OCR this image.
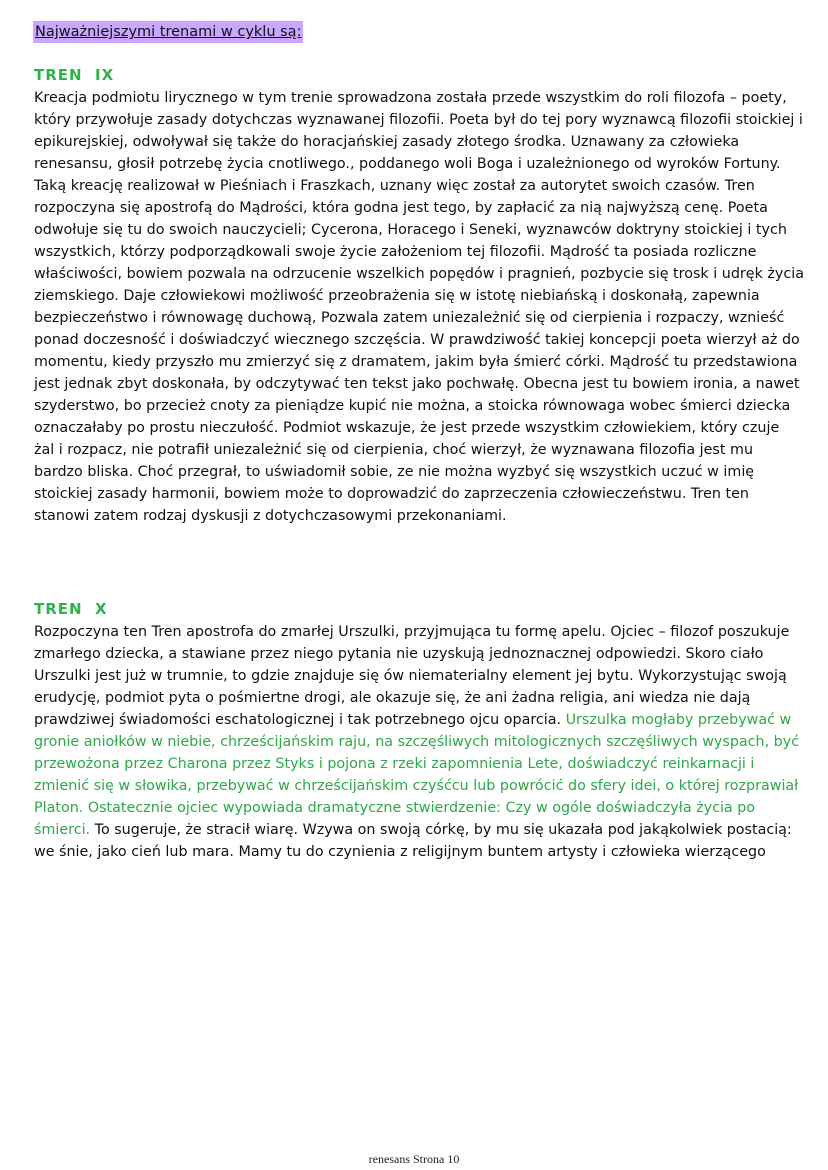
Najważniejszymi trenami w cyklu są:
TREN  IX
Kreacja podmiotu lirycznego w tym trenie sprowadzona została przede wszystkim do roli filozofa – poety, który przywołuje zasady dotychczas wyznawanej filozofii. Poeta był do tej pory wyznawcą filozofii stoickiej i epikurejskiej, odwoływał się także do horacjańskiej zasady złotego środka. Uznawany za człowieka renesansu, głosił potrzebę życia cnotliwego., poddanego woli Boga i uzależnionego od wyroków Fortuny. Taką kreację realizował w Pieśniach i Fraszkach, uznany więc został za autorytet swoich czasów. Tren rozpoczyna się apostrofą do Mądrości, która godna jest tego, by zapłacić za nią najwyższą cenę. Poeta odwołuje się tu do swoich nauczycieli; Cycerona, Horacego i Seneki, wyznawców doktryny stoickiej i tych wszystkich, którzy podporządkowali swoje życie założeniom tej filozofii. Mądrość ta posiada rozliczne właściwości, bowiem pozwala na odrzucenie wszelkich popędów i pragnień, pozbycie się trosk i udręk życia ziemskiego. Daje człowiekowi możliwość przeobrażenia się w istotę niebiańską i doskonałą, zapewnia bezpieczeństwo i równowagę duchową, Pozwala zatem uniezależnić się od cierpienia i rozpaczy, wznieść ponad doczesność i doświadczyć wiecznego szczęścia. W prawdziwość takiej koncepcji poeta wierzył aż do momentu, kiedy przyszło mu zmierzyć się z dramatem, jakim była śmierć córki. Mądrość tu przedstawiona jest jednak zbyt doskonała, by odczytywać ten tekst jako pochwałę. Obecna jest tu bowiem ironia, a nawet szyderstwo, bo przecież cnoty za pieniądze kupić nie można, a stoicka równowaga wobec śmierci dziecka oznaczałaby po prostu nieczułość. Podmiot wskazuje, że jest przede wszystkim człowiekiem, który czuje żal i rozpacz, nie potrafił uniezależnić się od cierpienia, choć wierzył, że wyznawana filozofia jest mu bardzo bliska. Choć przegrał, to uświadomił sobie, ze nie można wyzbyć się wszystkich uczuć w imię stoickiej zasady harmonii, bowiem może to doprowadzić do zaprzeczenia człowieczeństwu. Tren ten stanowi zatem rodzaj dyskusji z dotychczasowymi przekonaniami.
TREN  X
Rozpoczyna ten Tren apostrofa do zmarłej Urszulki, przyjmująca tu formę apelu. Ojciec – filozof poszukuje zmarłego dziecka, a stawiane przez niego pytania nie uzyskują jednoznacznej odpowiedzi. Skoro ciało Urszulki jest już w trumnie, to gdzie znajduje się ów niematerialny element jej bytu. Wykorzystując swoją erudycję, podmiot pyta o pośmiertne drogi, ale okazuje się, że ani żadna religia, ani wiedza nie dają prawdziwej świadomości eschatologicznej i tak potrzebnego ojcu oparcia. Urszulka mogłaby przebywać w gronie aniołków w niebie, chrześcijańskim raju, na szczęśliwych mitologicznych szczęśliwych wyspach, być przewożona przez Charona przez Styks i pojona z rzeki zapomnienia Lete, doświadczyć reinkarnacji i zmienić się w słowika, przebywać w chrześcijańskim czyśćcu lub powrócić do sfery idei, o której rozprawiał Platon. Ostatecznie ojciec wypowiada dramatyczne stwierdzenie: Czy w ogóle doświadczyła życia po śmierci. To sugeruje, że stracił wiarę. Wzywa on swoją córkę, by mu się ukazała pod jakąkolwiek postacią: we śnie, jako cień lub mara. Mamy tu do czynienia z religijnym buntem artysty i człowieka wierzącego
renesans Strona 10
